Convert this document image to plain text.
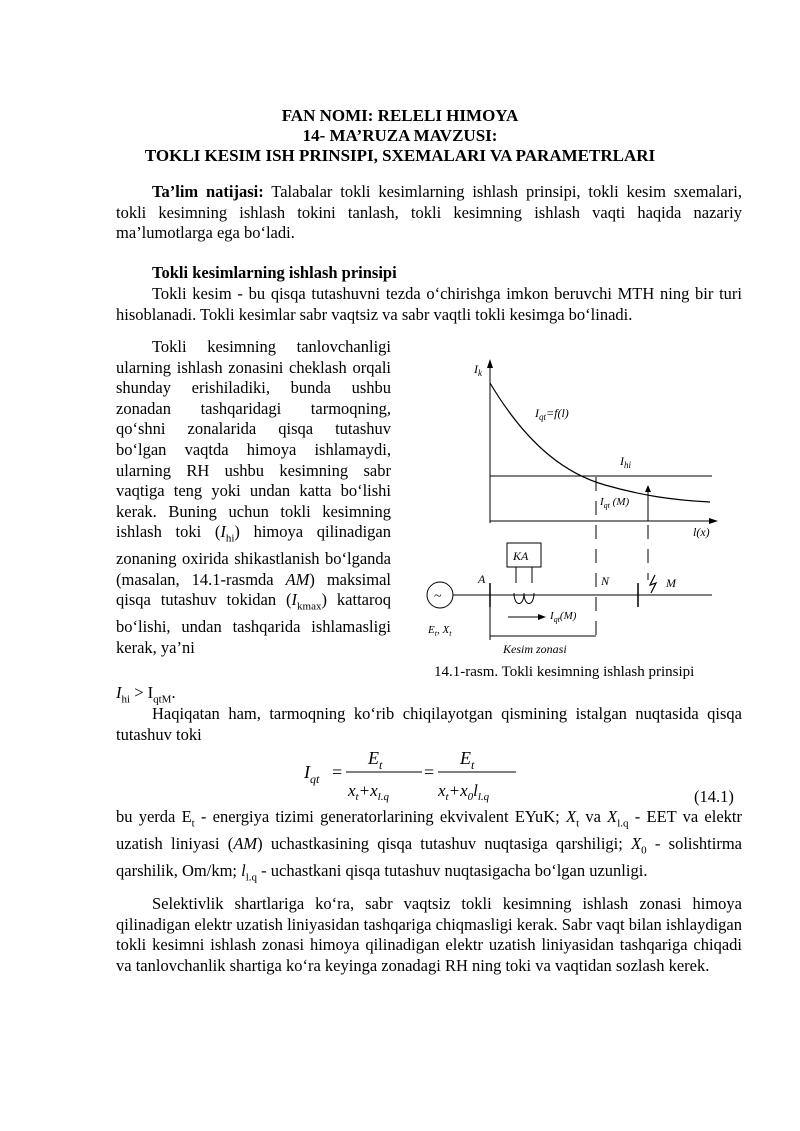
FAN NOMI: RELELI HIMOYA
14- MA’RUZA MAVZUSI:
TOKLI KESIM ISH PRINSIPI, SXEMALARI VA PARAMETRLARI

Ta’lim natijasi: Talabalar tokli kesimlarning ishlash prinsipi, tokli kesim sxemalari, tokli kesimning ishlash tokini tanlash, tokli kesimning ishlash vaqti haqida nazariy ma’lumotlarga ega bo‘ladi.

Tokli kesimlarning ishlash prinsipi

Tokli kesim - bu qisqa tutashuvni tezda o‘chirishga imkon beruvchi MTH ning bir turi hisoblanadi. Tokli kesimlar sabr vaqtsiz va sabr vaqtli tokli kesimga bo‘linadi.

Tokli kesimning tanlovchanligi ularning ishlash zonasini cheklash orqali shunday erishiladiki, bunda ushbu zonadan tashqaridagi tarmoqning, qo‘shni zonalarida qisqa tutashuv bo‘lgan vaqtda himoya ishlamaydi, ularning RH ushbu kesimning sabr vaqtiga teng yoki undan katta bo‘lishi kerak. Buning uchun tokli kesimning ishlash toki $(I_{hi})$ himoya qilinadigan zonaning oxirida shikastlanish bo‘lganda (masalan, 14.1-rasmda AM) maksimal qisqa tutashuv tokidan $(I_{kmax})$ kattaroq bo‘lishi, undan tashqarida ishlamasligi kerak, ya’ni

$I_{hi} > I_{qtM}$.

$I_k$
l(x)
$I_{qt}=f(l)$
$I_{hi}$
$I_{qt}$ (M)
KA
~
A	N	M
$E_t$, $X_t$
$I_{qt}(M)$
Kesim zonasi
14.1-rasm. Tokli kesimning ishlash prinsipi

Haqiqatan ham, tarmoqning ko‘rib chiqilayotgan qismining istalgan nuqtasida qisqa tutashuv toki

$I_{qt}$ =
$E_t$
$x_t+x_{l.q}$
=
$E_t$
$x_t+x_0l_{l.q}$	(14.1)

bu yerda $E_t$ - energiya tizimi generatorlarining ekvivalent EYuK; $X_t$ va $X_{l.q}$ - EET va elektr uzatish liniyasi (AM) uchastkasining qisqa tutashuv nuqtasiga qarshiligi; $X_0$ - solishtirma qarshilik, Om/km; $l_{l.q}$ - uchastkani qisqa tutashuv nuqtasigacha bo‘lgan uzunligi.

Selektivlik shartlariga ko‘ra, sabr vaqtsiz tokli kesimning ishlash zonasi himoya qilinadigan elektr uzatish liniyasidan tashqariga chiqmasligi kerak. Sabr vaqt bilan ishlaydigan tokli kesimni ishlash zonasi himoya qilinadigan elektr uzatish liniyasidan tashqariga chiqadi va tanlovchanlik shartiga ko‘ra keyinga zonadagi RH ning toki va vaqtidan sozlash kerek.
